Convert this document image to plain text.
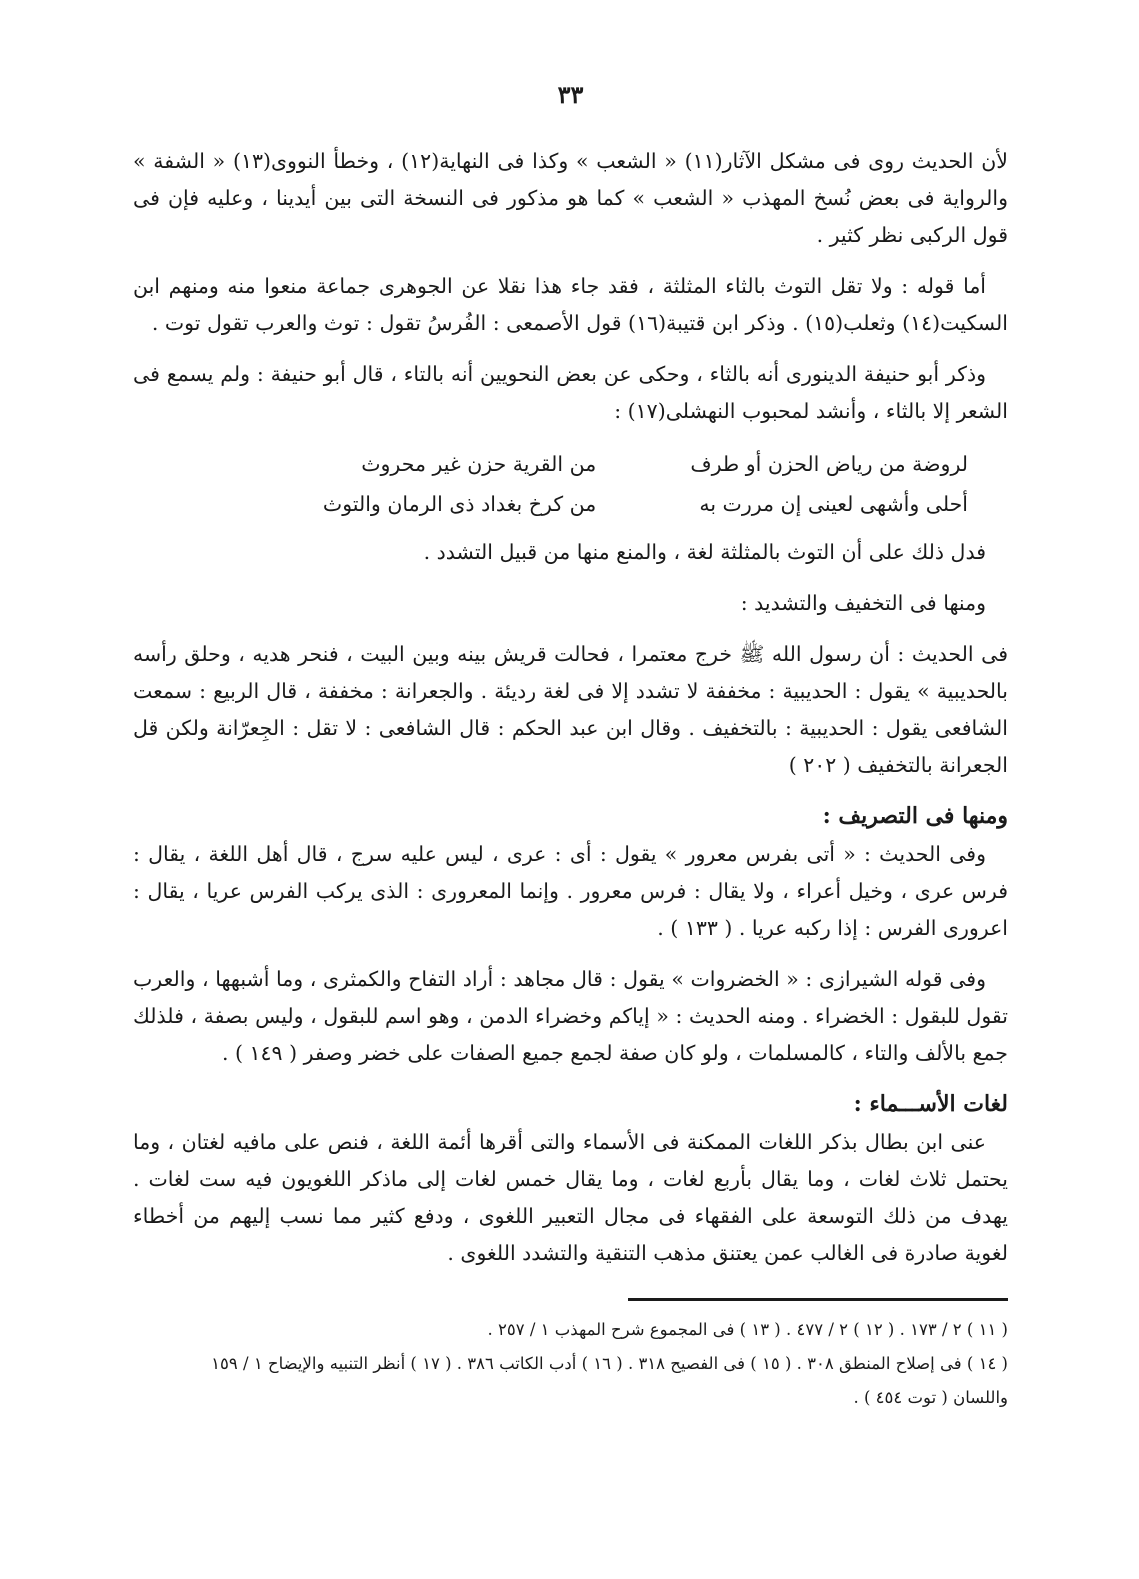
٣٣

لأن الحديث روى فى مشكل الآثار(١١) « الشعب » وكذا فى النهاية(١٢) ، وخطأ النووى(١٣) « الشفة » والرواية فى بعض نُسخ المهذب « الشعب » كما هو مذكور فى النسخة التى بين أيدينا ، وعليه فإن فى قول الركبى نظر كثير .

أما قوله : ولا تقل التوث بالثاء المثلثة ، فقد جاء هذا نقلا عن الجوهرى جماعة منعوا منه ومنهم ابن السكيت(١٤) وثعلب(١٥) . وذكر ابن قتيبة(١٦) قول الأصمعى : الفُرسُ تقول : توث والعرب تقول توت .

وذكر أبو حنيفة الدينورى أنه بالثاء ، وحكى عن بعض النحويين أنه بالتاء ، قال أبو حنيفة : ولم يسمع فى الشعر إلا بالثاء ، وأنشد لمحبوب النهشلى(١٧) :

لروضة من رياض الحزن أو طرف
من القرية حزن غير محروث
أحلى وأشهى لعينى إن مررت به
من كرخ بغداد ذى الرمان والتوث

فدل ذلك على أن التوث بالمثلثة لغة ، والمنع منها من قبيل التشدد .

ومنها فى التخفيف والتشديد :

فى الحديث : أن رسول الله ﷺ خرج معتمرا ، فحالت قريش بينه وبين البيت ، فنحر هديه ، وحلق رأسه بالحديبية » يقول : الحديبية : مخففة لا تشدد إلا فى لغة رديئة . والجعرانة : مخففة ، قال الربيع : سمعت الشافعى يقول : الحديبية : بالتخفيف . وقال ابن عبد الحكم : قال الشافعى : لا تقل : الجِعرّانة ولكن قل الجعرانة بالتخفيف ( ٢٠٢ )

ومنها فى التصريف :

وفى الحديث : « أتى بفرس معرور » يقول : أى : عرى ، ليس عليه سرج ، قال أهل اللغة ، يقال : فرس عرى ، وخيل أعراء ، ولا يقال : فرس معرور . وإنما المعرورى : الذى يركب الفرس عريا ، يقال : اعرورى الفرس : إذا ركبه عريا . ( ١٣٣ ) .

وفى قوله الشيرازى : « الخضروات » يقول : قال مجاهد : أراد التفاح والكمثرى ، وما أشبهها ، والعرب تقول للبقول : الخضراء . ومنه الحديث : « إياكم وخضراء الدمن ، وهو اسم للبقول ، وليس بصفة ، فلذلك جمع بالألف والتاء ، كالمسلمات ، ولو كان صفة لجمع جميع الصفات على خضر وصفر ( ١٤٩ ) .

لغات الأســـماء :

عنى ابن بطال بذكر اللغات الممكنة فى الأسماء والتى أقرها أئمة اللغة ، فنص على مافيه لغتان ، وما يحتمل ثلاث لغات ، وما يقال بأربع لغات ، وما يقال خمس لغات إلى ماذكر اللغويون فيه ست لغات . يهدف من ذلك التوسعة على الفقهاء فى مجال التعبير اللغوى ، ودفع كثير مما نسب إليهم من أخطاء لغوية صادرة فى الغالب عمن يعتنق مذهب التنقية والتشدد اللغوى .

( ١١ ) ٢ / ١٧٣ . ( ١٢ ) ٢ / ٤٧٧ . ( ١٣ ) فى المجموع شرح المهذب ١ / ٢٥٧ .
( ١٤ ) فى إصلاح المنطق ٣٠٨ . ( ١٥ ) فى الفصيح ٣١٨ . ( ١٦ ) أدب الكاتب ٣٨٦ . ( ١٧ ) أنظر التنبيه والإيضاح ١ / ١٥٩
واللسان ( توت ٤٥٤ ) .
